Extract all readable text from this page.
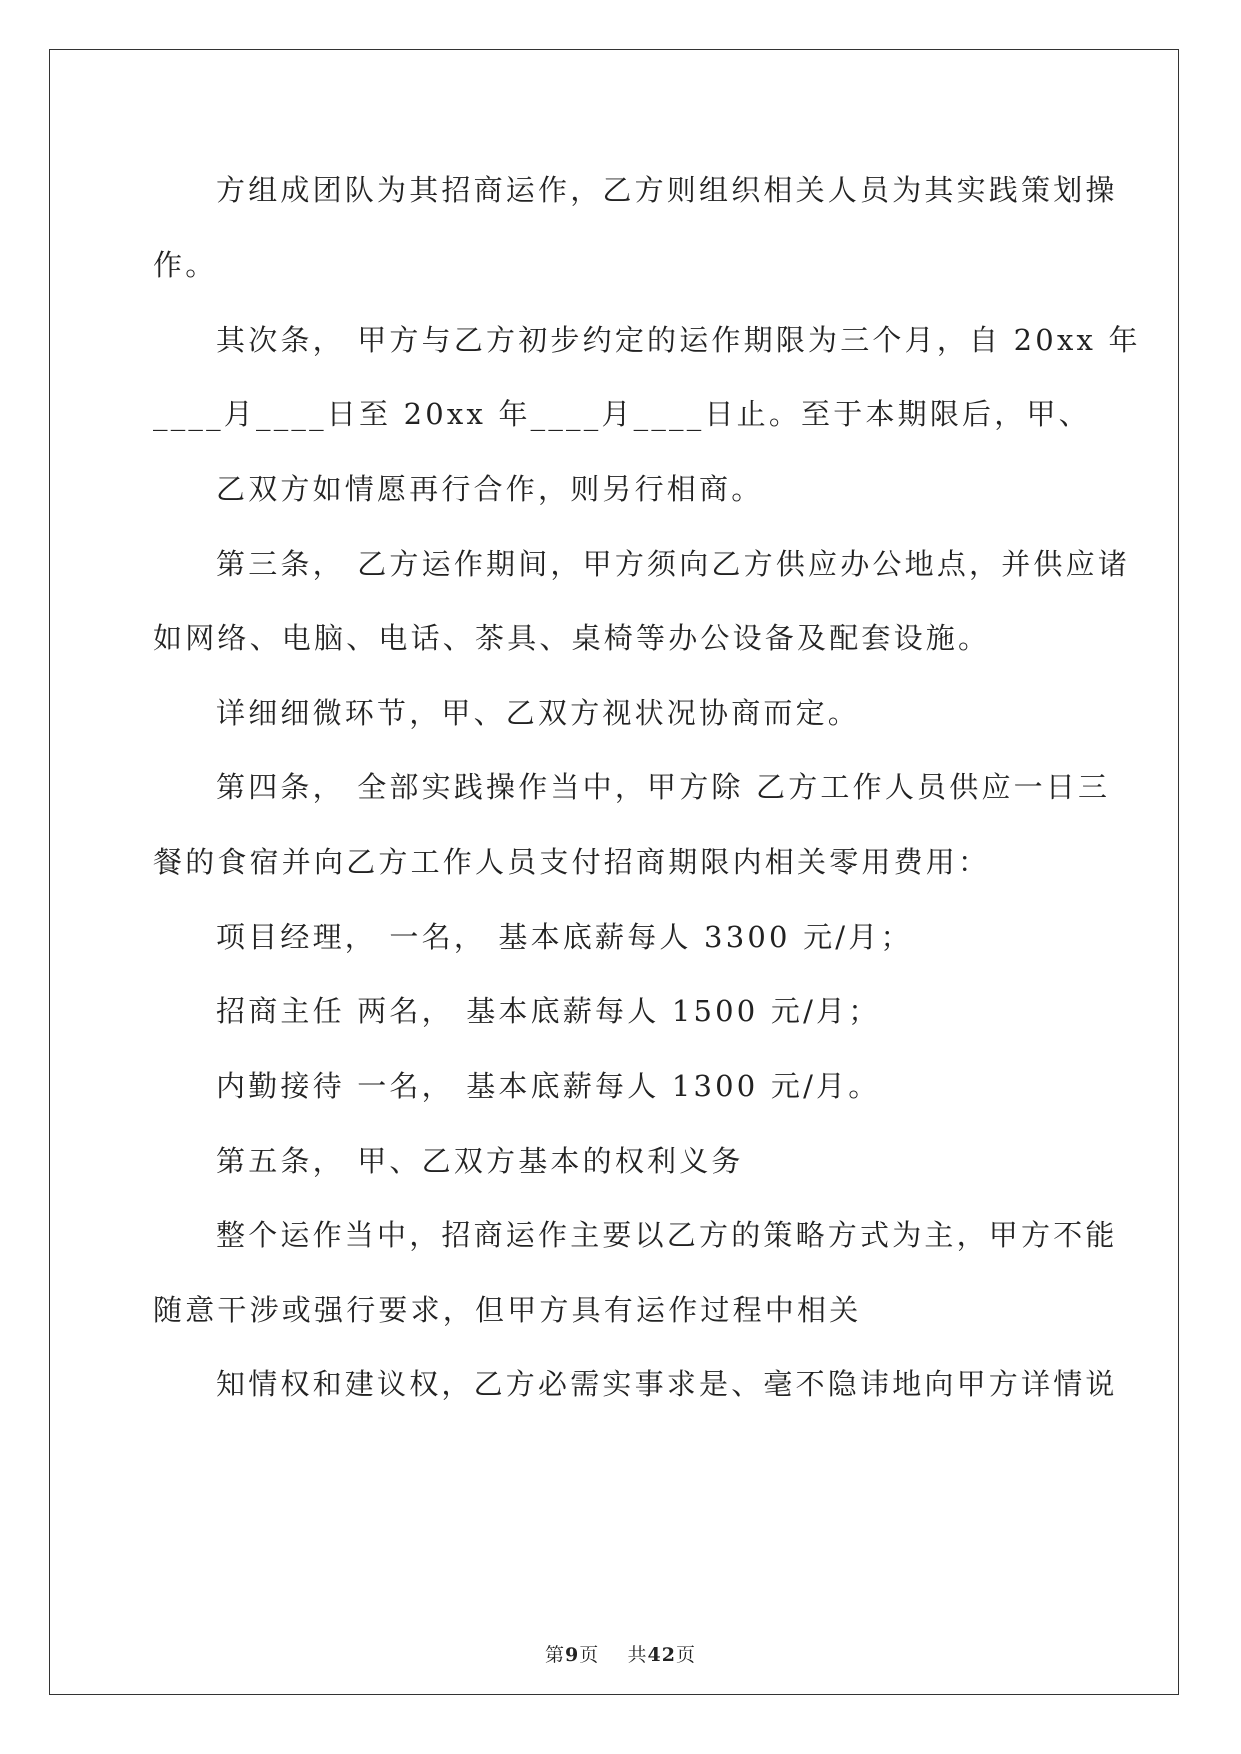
方组成团队为其招商运作，乙方则组织相关人员为其实践策划操
作。
其次条， 甲方与乙方初步约定的运作期限为三个月，自 20xx 年
____月____日至 20xx 年____月____日止。至于本期限后，甲、
乙双方如情愿再行合作，则另行相商。
第三条， 乙方运作期间，甲方须向乙方供应办公地点，并供应诸
如网络、电脑、电话、茶具、桌椅等办公设备及配套设施。
详细细微环节，甲、乙双方视状况协商而定。
第四条， 全部实践操作当中，甲方除 乙方工作人员供应一日三
餐的食宿并向乙方工作人员支付招商期限内相关零用费用：
项目经理， 一名， 基本底薪每人 3300 元/月；
招商主任 两名， 基本底薪每人 1500 元/月；
内勤接待 一名， 基本底薪每人 1300 元/月。
第五条， 甲、乙双方基本的权利义务
整个运作当中，招商运作主要以乙方的策略方式为主，甲方不能
随意干涉或强行要求，但甲方具有运作过程中相关
知情权和建议权，乙方必需实事求是、毫不隐讳地向甲方详情说
第9页 共42页
